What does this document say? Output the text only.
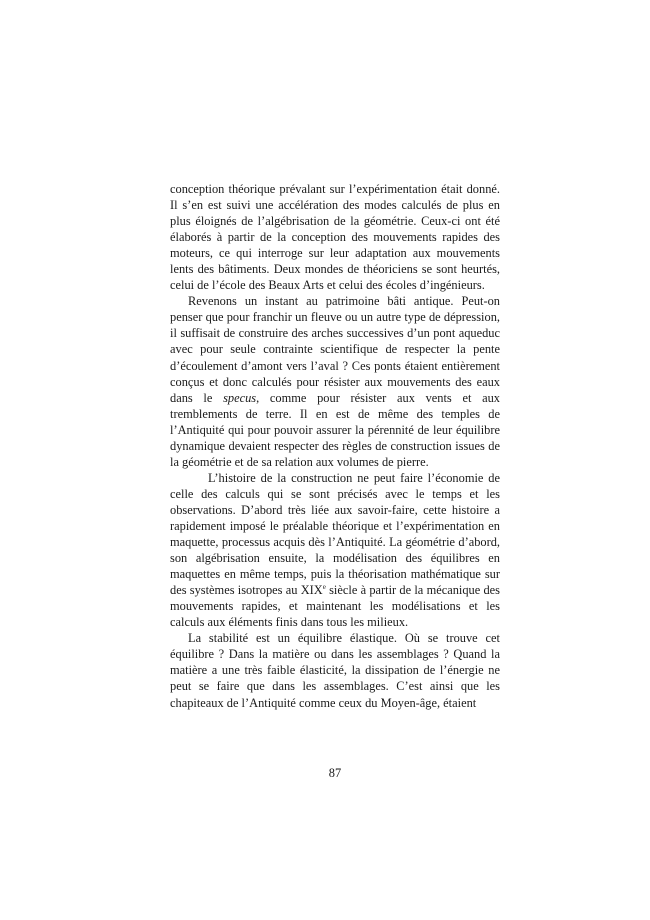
conception théorique prévalant sur l’expérimentation était donné. Il s’en est suivi une accélération des modes calculés de plus en plus éloignés de l’algébrisation de la géométrie. Ceux-ci ont été élaborés à partir de la conception des mouvements rapides des moteurs, ce qui interroge sur leur adaptation aux mouvements lents des bâtiments. Deux mondes de théoriciens se sont heurtés, celui de l’école des Beaux Arts et celui des écoles d’ingénieurs.

Revenons un instant au patrimoine bâti antique. Peut-on penser que pour franchir un fleuve ou un autre type de dépression, il suffisait de construire des arches successives d’un pont aqueduc avec pour seule contrainte scientifique de respecter la pente d’écoulement d’amont vers l’aval ? Ces ponts étaient entièrement conçus et donc calculés pour résister aux mouvements des eaux dans le specus, comme pour résister aux vents et aux tremblements de terre. Il en est de même des temples de l’Antiquité qui pour pouvoir assurer la pérennité de leur équilibre dynamique devaient respecter des règles de construction issues de la géométrie et de sa relation aux volumes de pierre.

L’histoire de la construction ne peut faire l’économie de celle des calculs qui se sont précisés avec le temps et les observations. D’abord très liée aux savoir-faire, cette histoire a rapidement imposé le préalable théorique et l’expérimentation en maquette, processus acquis dès l’Antiquité. La géométrie d’abord, son algébrisation ensuite, la modélisation des équilibres en maquettes en même temps, puis la théorisation mathématique sur des systèmes isotropes au XIXe siècle à partir de la mécanique des mouvements rapides, et maintenant les modélisations et les calculs aux éléments finis dans tous les milieux.

La stabilité est un équilibre élastique. Où se trouve cet équilibre ? Dans la matière ou dans les assemblages ? Quand la matière a une très faible élasticité, la dissipation de l’énergie ne peut se faire que dans les assemblages. C’est ainsi que les chapiteaux de l’Antiquité comme ceux du Moyen-âge, étaient

87
